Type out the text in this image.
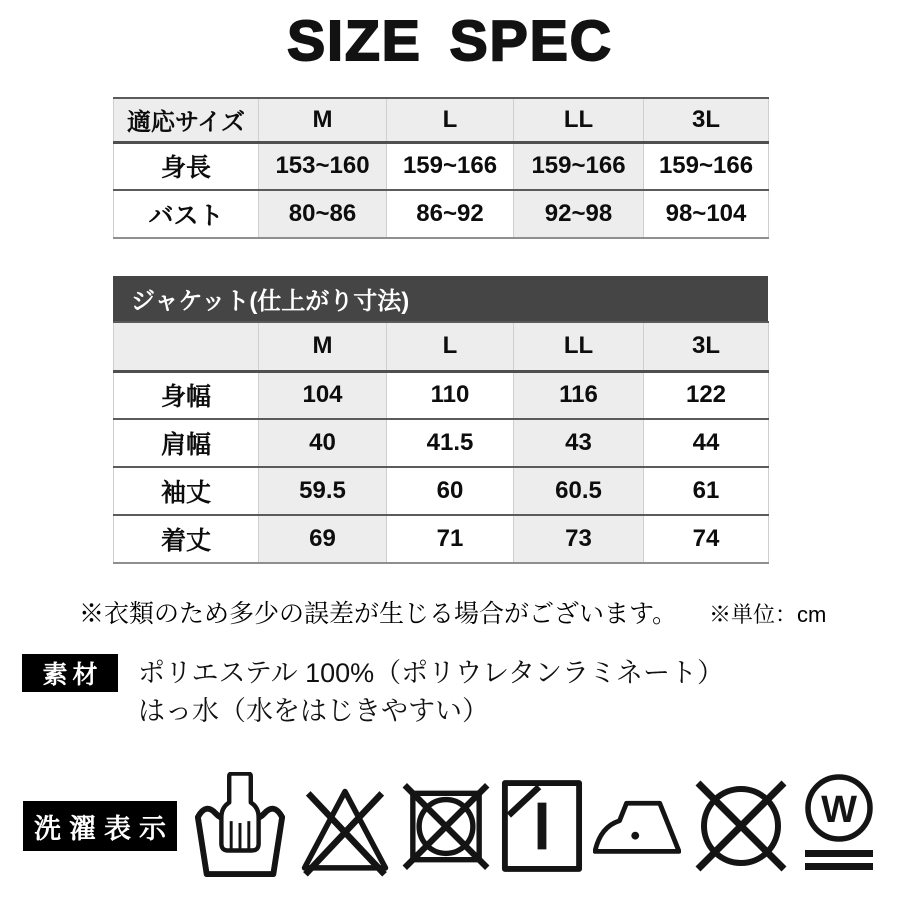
SIZE SPEC
適応サイズ	M	L	LL	3L
身長	153~160	159~166	159~166	159~166
バスト	80~86	86~92	92~98	98~104
ジャケット(仕上がり寸法)
	M	L	LL	3L
身幅	104	110	116	122
肩幅	40	41.5	43	44
袖丈	59.5	60	60.5	61
着丈	69	71	73	74
※衣類のため多少の誤差が生じる場合がございます。 ※単位：cm
素材	ポリエステル 100%（ポリウレタンラミネート）
はっ水（水をはじきやすい）
洗濯表示	W
